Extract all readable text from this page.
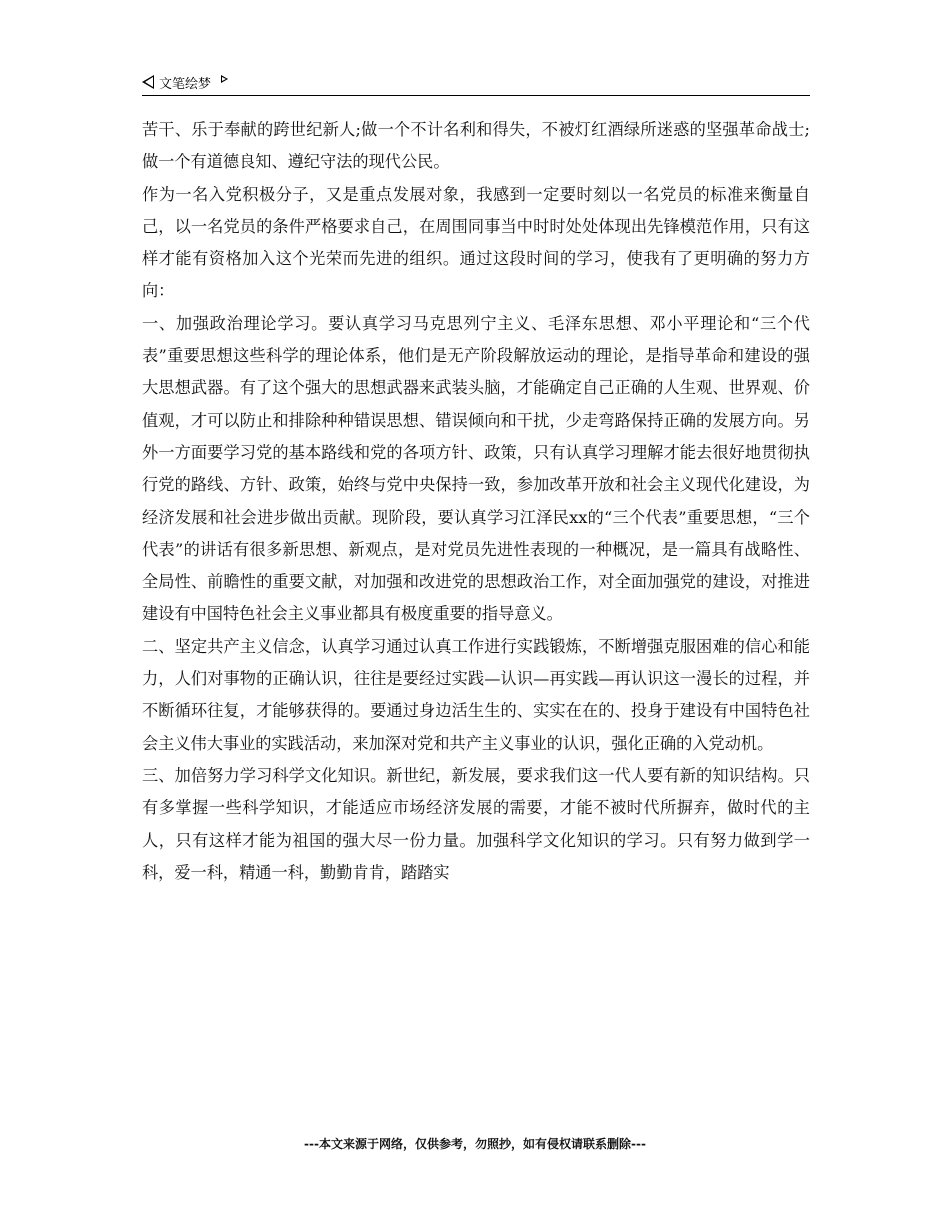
文笔绘梦

苦干、乐于奉献的跨世纪新人;做一个不计名利和得失，不被灯红酒绿所迷惑的坚强革命战士;做一个有道德良知、遵纪守法的现代公民。

作为一名入党积极分子，又是重点发展对象，我感到一定要时刻以一名党员的标准来衡量自己，以一名党员的条件严格要求自己，在周围同事当中时时处处体现出先锋模范作用，只有这样才能有资格加入这个光荣而先进的组织。通过这段时间的学习，使我有了更明确的努力方向：

一、加强政治理论学习。要认真学习马克思列宁主义、毛泽东思想、邓小平理论和“三个代表”重要思想这些科学的理论体系，他们是无产阶段解放运动的理论，是指导革命和建设的强大思想武器。有了这个强大的思想武器来武装头脑，才能确定自己正确的人生观、世界观、价值观，才可以防止和排除种种错误思想、错误倾向和干扰，少走弯路保持正确的发展方向。另外一方面要学习党的基本路线和党的各项方针、政策，只有认真学习理解才能去很好地贯彻执行党的路线、方针、政策，始终与党中央保持一致，参加改革开放和社会主义现代化建设，为经济发展和社会进步做出贡献。现阶段，要认真学习江泽民xx的“三个代表”重要思想，“三个代表”的讲话有很多新思想、新观点，是对党员先进性表现的一种概况，是一篇具有战略性、全局性、前瞻性的重要文献，对加强和改进党的思想政治工作，对全面加强党的建设，对推进建设有中国特色社会主义事业都具有极度重要的指导意义。

二、坚定共产主义信念，认真学习通过认真工作进行实践锻炼，不断增强克服困难的信心和能力，人们对事物的正确认识，往往是要经过实践—认识—再实践—再认识这一漫长的过程，并不断循环往复，才能够获得的。要通过身边活生生的、实实在在的、投身于建设有中国特色社会主义伟大事业的实践活动，来加深对党和共产主义事业的认识，强化正确的入党动机。

三、加倍努力学习科学文化知识。新世纪，新发展，要求我们这一代人要有新的知识结构。只有多掌握一些科学知识，才能适应市场经济发展的需要，才能不被时代所摒弃，做时代的主人，只有这样才能为祖国的强大尽一份力量。加强科学文化知识的学习。只有努力做到学一科，爱一科，精通一科，勤勤肯肯，踏踏实

---本文来源于网络，仅供参考，勿照抄，如有侵权请联系删除---
